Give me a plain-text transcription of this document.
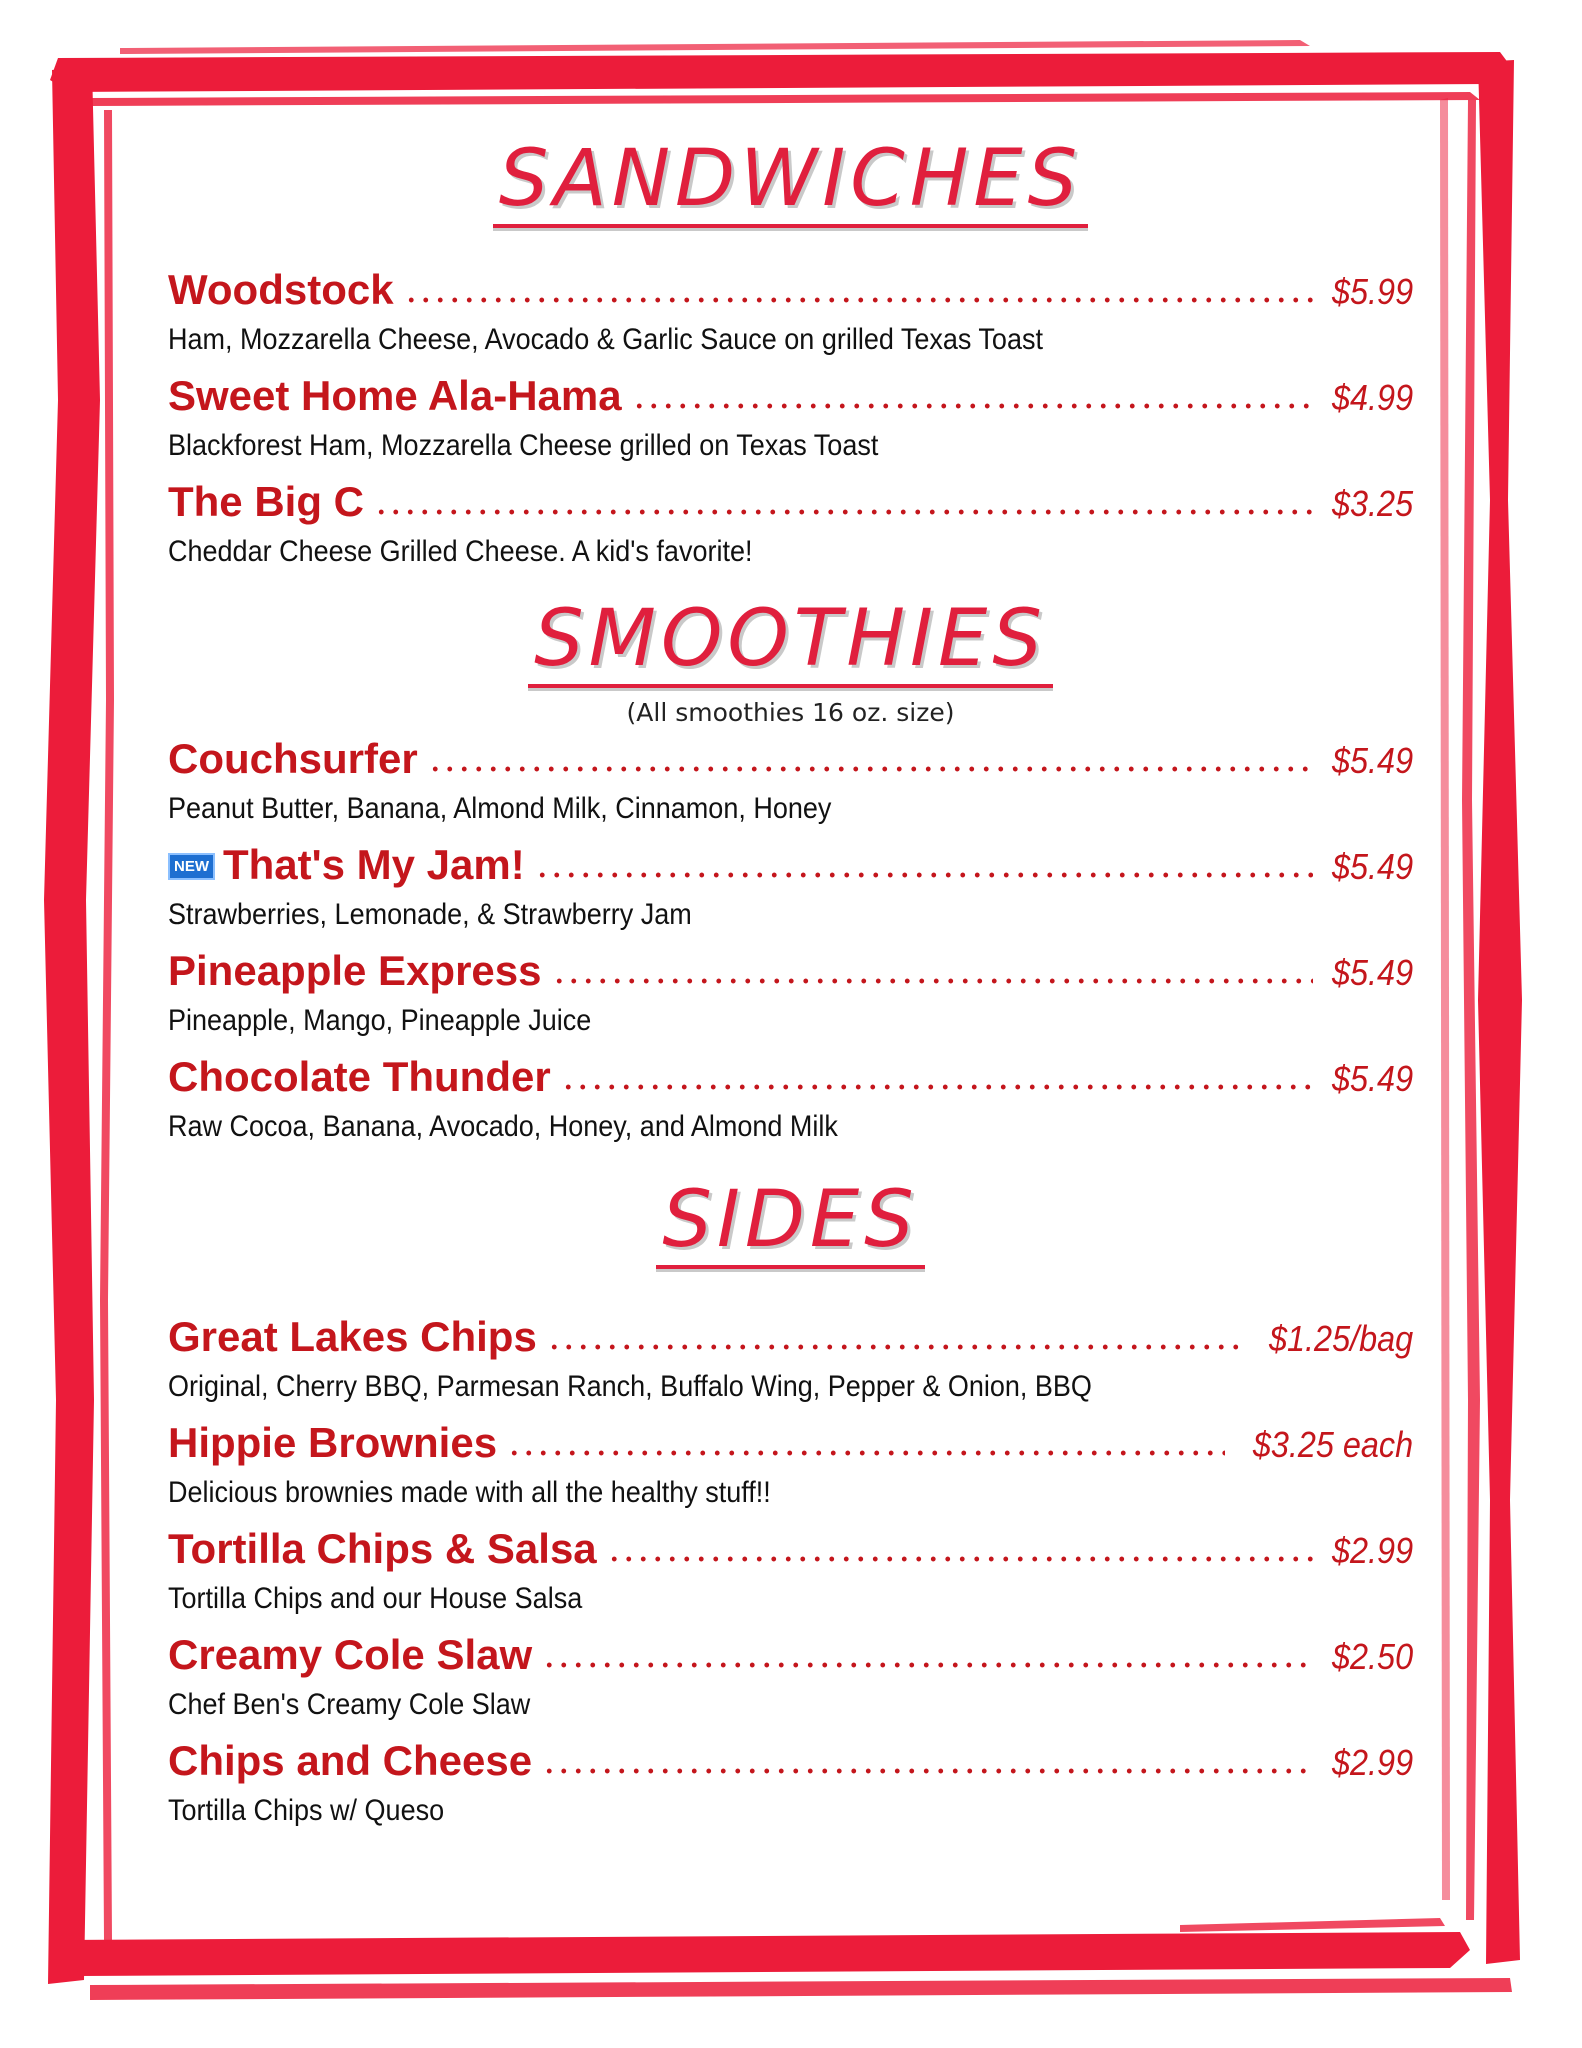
SANDWICHES
Woodstock	$5.99
Ham, Mozzarella Cheese, Avocado & Garlic Sauce on grilled Texas Toast
Sweet Home Ala-Hama	$4.99
Blackforest Ham, Mozzarella Cheese grilled on Texas Toast
The Big C	$3.25
Cheddar Cheese Grilled Cheese. A kid's favorite!
SMOOTHIES
(All smoothies 16 oz. size)
Couchsurfer	$5.49
Peanut Butter, Banana, Almond Milk, Cinnamon, Honey
NEW That's My Jam!	$5.49
Strawberries, Lemonade, & Strawberry Jam
Pineapple Express	$5.49
Pineapple, Mango, Pineapple Juice
Chocolate Thunder	$5.49
Raw Cocoa, Banana, Avocado, Honey, and Almond Milk
SIDES
Great Lakes Chips	$1.25/bag
Original, Cherry BBQ, Parmesan Ranch, Buffalo Wing, Pepper & Onion, BBQ
Hippie Brownies	$3.25 each
Delicious brownies made with all the healthy stuff!!
Tortilla Chips & Salsa	$2.99
Tortilla Chips and our House Salsa
Creamy Cole Slaw	$2.50
Chef Ben's Creamy Cole Slaw
Chips and Cheese	$2.99
Tortilla Chips w/ Queso
